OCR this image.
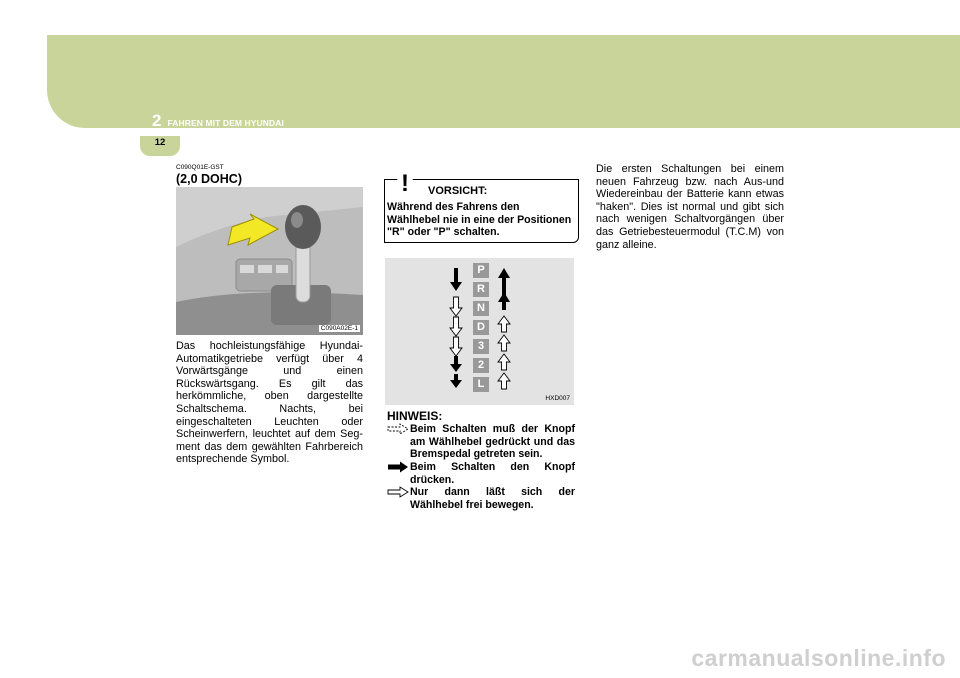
2 FAHREN MIT DEM HYUNDAI
12
C090Q01E-GST
(2,0 DOHC)
C090A02E-1
Das hochleistungsfähige Hyundai-Automatikgetriebe verfügt über 4 Vorwärtsgänge und einen Rückswärtsgang. Es gilt das herkömmliche, oben dargestellte Schaltschema. Nachts, bei eingeschalteten Leuchten oder Scheinwerfern, leuchtet auf dem Seg-ment das dem gewählten Fahrbereich entsprechende Symbol.
! VORSICHT:
Während des Fahrens den Wählhebel nie in eine der Positionen "R" oder "P" schalten.
P
R
N
D
3
2
L
HXD007
HINWEIS:
Beim Schalten muß der Knopf am Wählhebel gedrückt und das Bremspedal getreten sein.
Beim Schalten den Knopf drücken.
Nur dann läßt sich der Wählhebel frei bewegen.
Die ersten Schaltungen bei einem neuen Fahrzeug bzw. nach Aus-und Wiedereinbau der Batterie kann etwas "haken". Dies ist normal und gibt sich nach wenigen Schaltvorgängen über das Getriebesteuermodul (T.C.M) von ganz alleine.
carmanualsonline.info
